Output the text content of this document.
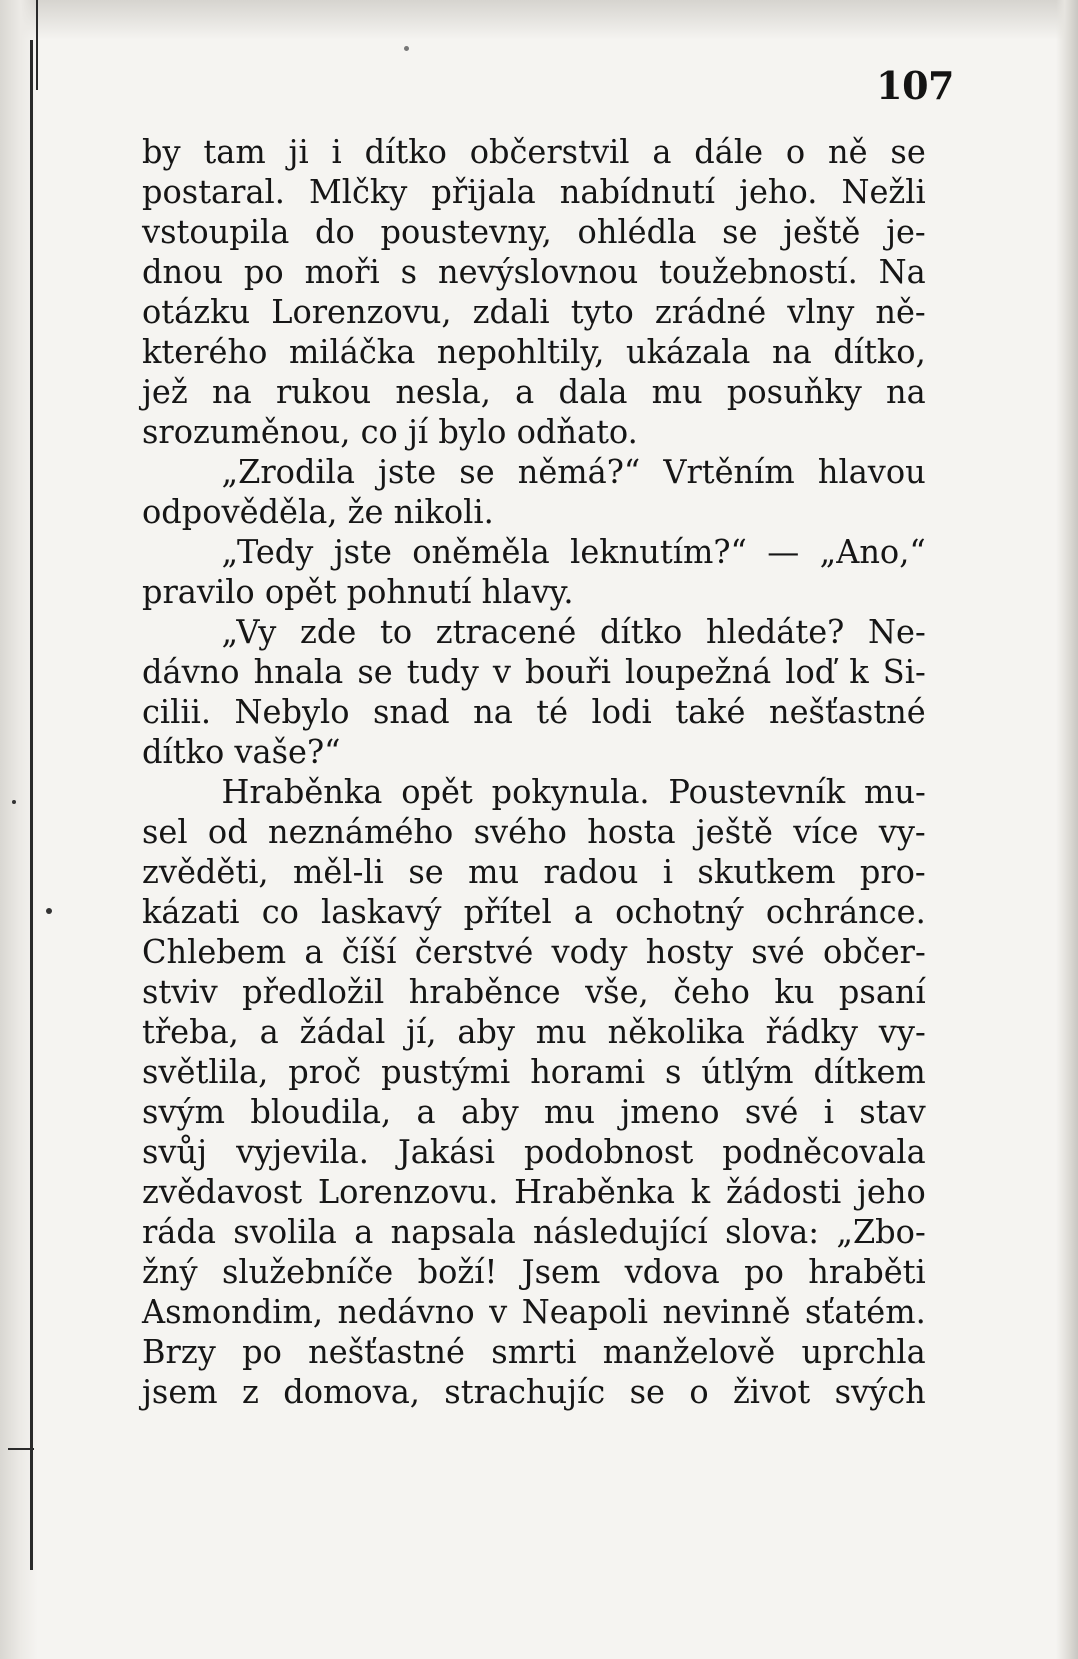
107
by tam ji i dítko občerstvil a dále o ně se
postaral. Mlčky přijala nabídnutí jeho. Nežli
vstoupila do poustevny, ohlédla se ještě je-
dnou po moři s nevýslovnou toužebností. Na
otázku Lorenzovu, zdali tyto zrádné vlny ně-
kterého miláčka nepohltily, ukázala na dítko,
jež na rukou nesla, a dala mu posuňky na
srozuměnou, co jí bylo odňato.
„Zrodila jste se němá?“ Vrtěním hlavou
odpověděla, že nikoli.
„Tedy jste oněměla leknutím?“ — „Ano,“
pravilo opět pohnutí hlavy.
„Vy zde to ztracené dítko hledáte? Ne-
dávno hnala se tudy v bouři loupežná loď k Si-
cilii. Nebylo snad na té lodi také nešťastné
dítko vaše?“
Hraběnka opět pokynula. Poustevník mu-
sel od neznámého svého hosta ještě více vy-
zvěděti, měl-li se mu radou i skutkem pro-
kázati co laskavý přítel a ochotný ochránce.
Chlebem a číší čerstvé vody hosty své občer-
stviv předložil hraběnce vše, čeho ku psaní
třeba, a žádal jí, aby mu několika řádky vy-
světlila, proč pustými horami s útlým dítkem
svým bloudila, a aby mu jmeno své i stav
svůj vyjevila. Jakási podobnost podněcovala
zvědavost Lorenzovu. Hraběnka k žádosti jeho
ráda svolila a napsala následující slova: „Zbo-
žný služebníče boží! Jsem vdova po hraběti
Asmondim, nedávno v Neapoli nevinně sťatém.
Brzy po nešťastné smrti manželově uprchla
jsem z domova, strachujíc se o život svých
